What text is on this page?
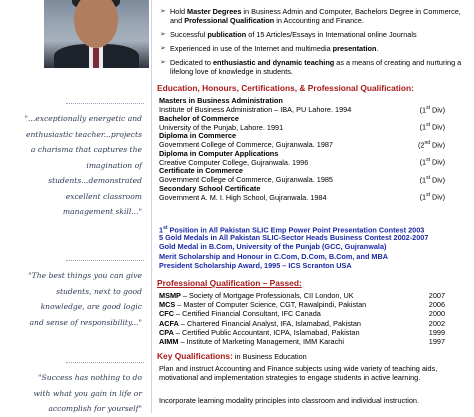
"...exceptionally energetic and
enthusiastic teacher...projects
a charisma that captures the
imagination of
students...demonstrated
excellent classroom
management skill..."
"The best things you can give
students, next to good
knowledge, are good logic
and sense of responsibility..."
"Success has nothing to do
with what you gain in life or
accomplish for yourself"
➢ Hold Master Degrees in Business Admin and Computer, Bachelors Degree in Commerce, and Professional Qualification in Accounting and Finance.
➢ Successful publication of 15 Articles/Essays in International online Journals
➢ Experienced in use of the Internet and multimedia presentation.
➢ Dedicated to enthusiastic and dynamic teaching as a means of creating and nurturing a lifelong love of knowledge in students.
Education, Honours, Certifications, & Professional Qualification:
Masters in Business Administration
Institute of Business Administration – IBA, PU Lahore. 1994	(1st Div)
Bachelor of Commerce
University of the Punjab, Lahore. 1991	(1st Div)
Diploma in Commerce
Government College of Commerce, Gujranwala. 1987	(2nd Div)
Diploma in Computer Applications
Creative Computer College, Gujranwala. 1996	(1st Div)
Certificate in Commerce
Government College of Commerce, Gujranwala. 1985	(1st Div)
Secondary School Certificate
Government A. M. I. High School, Gujranwala. 1984	(1st Div)
1st Position in All Pakistan SLIC Emp Power Point Presentation Contest 2003
5 Gold Medals in All Pakistan SLIC-Sector Heads Business Contest 2002-2007
Gold Medal in B.Com, University of the Punjab (GCC, Gujranwala)
Merit Scholarship and Honour in C.Com, D.Com, B.Com, and MBA
President Scholarship Award, 1995 – ICS Scranton USA
Professional Qualification – Passed:
MSMP – Society of Mortgage Professionals, CII London, UK	2007
MCS – Master of Computer Science, CGT, Rawalpindi, Pakistan	2006
CFC – Certified Financial Consultant, IFC Canada	2000
ACFA – Chartered Financial Analyst, IFA, Islamabad, Pakistan	2002
CPA – Certified Public Accountant, ICPA, Islamabad, Pakistan	1999
AIMM – Institute of Marketing Management, IMM Karachi	1997
Key Qualifications: in Business Education
Plan and instruct Accounting and Finance subjects using wide variety of teaching aids, motivational and implementation strategies to engage students in active learning.
Incorporate learning modality principles into classroom and individual instruction.
